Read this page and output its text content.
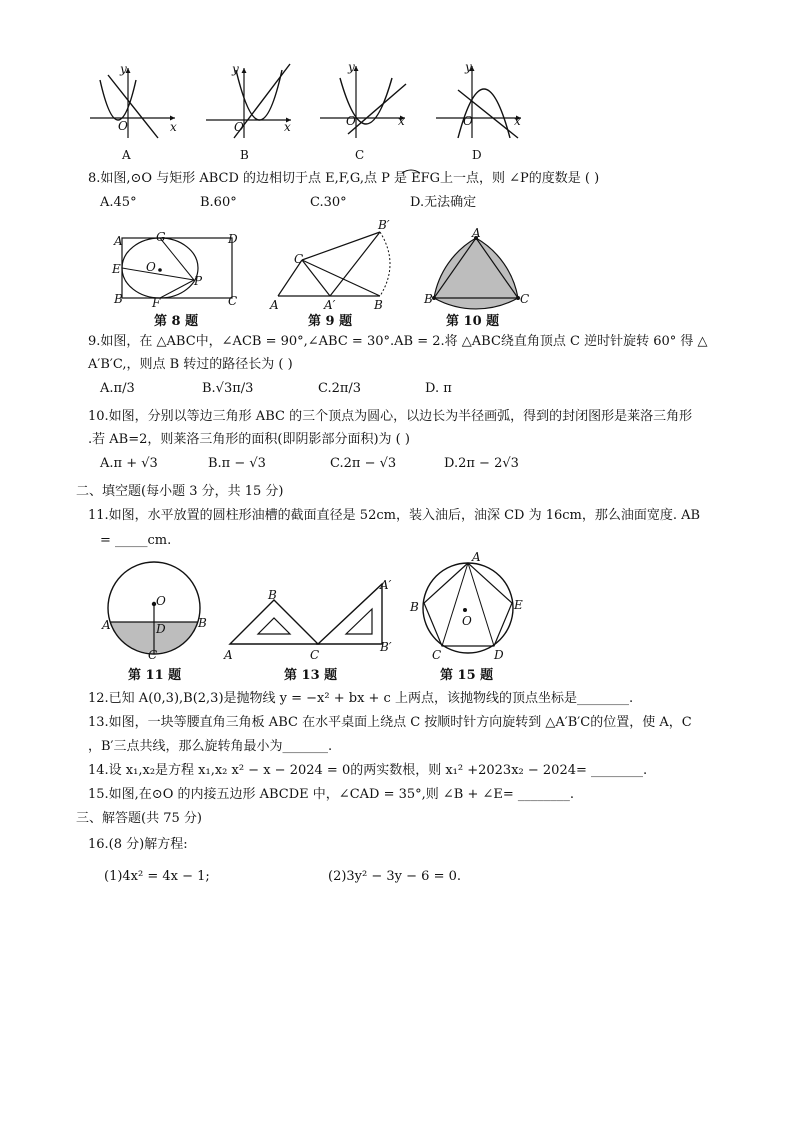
y
x
O
y
x
O
y
x
O
y
x
O
A	B	C	D
8.如图,⊙O 与矩形 ABCD 的边相切于点 E,F,G,点 P 是 EFG上一点，则 ∠P的度数是 ( )
A.45°	B.60°	C.30°	D.无法确定
A	G	D
E O
P
B F	C
第 8 题
B′
C
A	A′	B
第 9 题
A
B	C
第 10 题
9.如图，在 △ABC中，∠ACB = 90°,∠ABC = 30°.AB = 2.将 △ABC绕直角顶点 C 逆时针旋转 60° 得 △
A′B′C,，则点 B 转过的路径长为 ( )
A.π/3	B.√3π/3	C.2π/3	D. π
10.如图，分别以等边三角形 ABC 的三个顶点为圆心，以边长为半径画弧，得到的封闭图形是莱洛三角形
.若 AB=2，则莱洛三角形的面积(即阴影部分面积)为 ( )
A.π + √3	B.π − √3	C.2π − √3	D.2π − 2√3
二、填空题(每小题 3 分，共 15 分)
11.如图，水平放置的圆柱形油槽的截面直径是 52cm，装入油后，油深 CD 为 16cm，那么油面宽度. AB
= _____cm.
O
A	D	B
C
第 11 题
B
A′
A	C
B′
第 13 题
A
B	E
O
C	D
第 15 题
12.已知 A(0,3),B(2,3)是抛物线 y = −x² + bx + c 上两点，该抛物线的顶点坐标是________.
13.如图，一块等腰直角三角板 ABC 在水平桌面上绕点 C 按顺时针方向旋转到 △A′B′C的位置，使 A，C
，B′三点共线，那么旋转角最小为_______.
14.设 x₁,x₂是方程 x₁,x₂ x² − x − 2024 = 0的两实数根，则 x₁² +2023x₂ − 2024= ________.
15.如图,在⊙O 的内接五边形 ABCDE 中，∠CAD = 35°,则 ∠B + ∠E= ________.
三、解答题(共 75 分)
16.(8 分)解方程:
(1)4x² = 4x − 1;	(2)3y² − 3y − 6 = 0.
